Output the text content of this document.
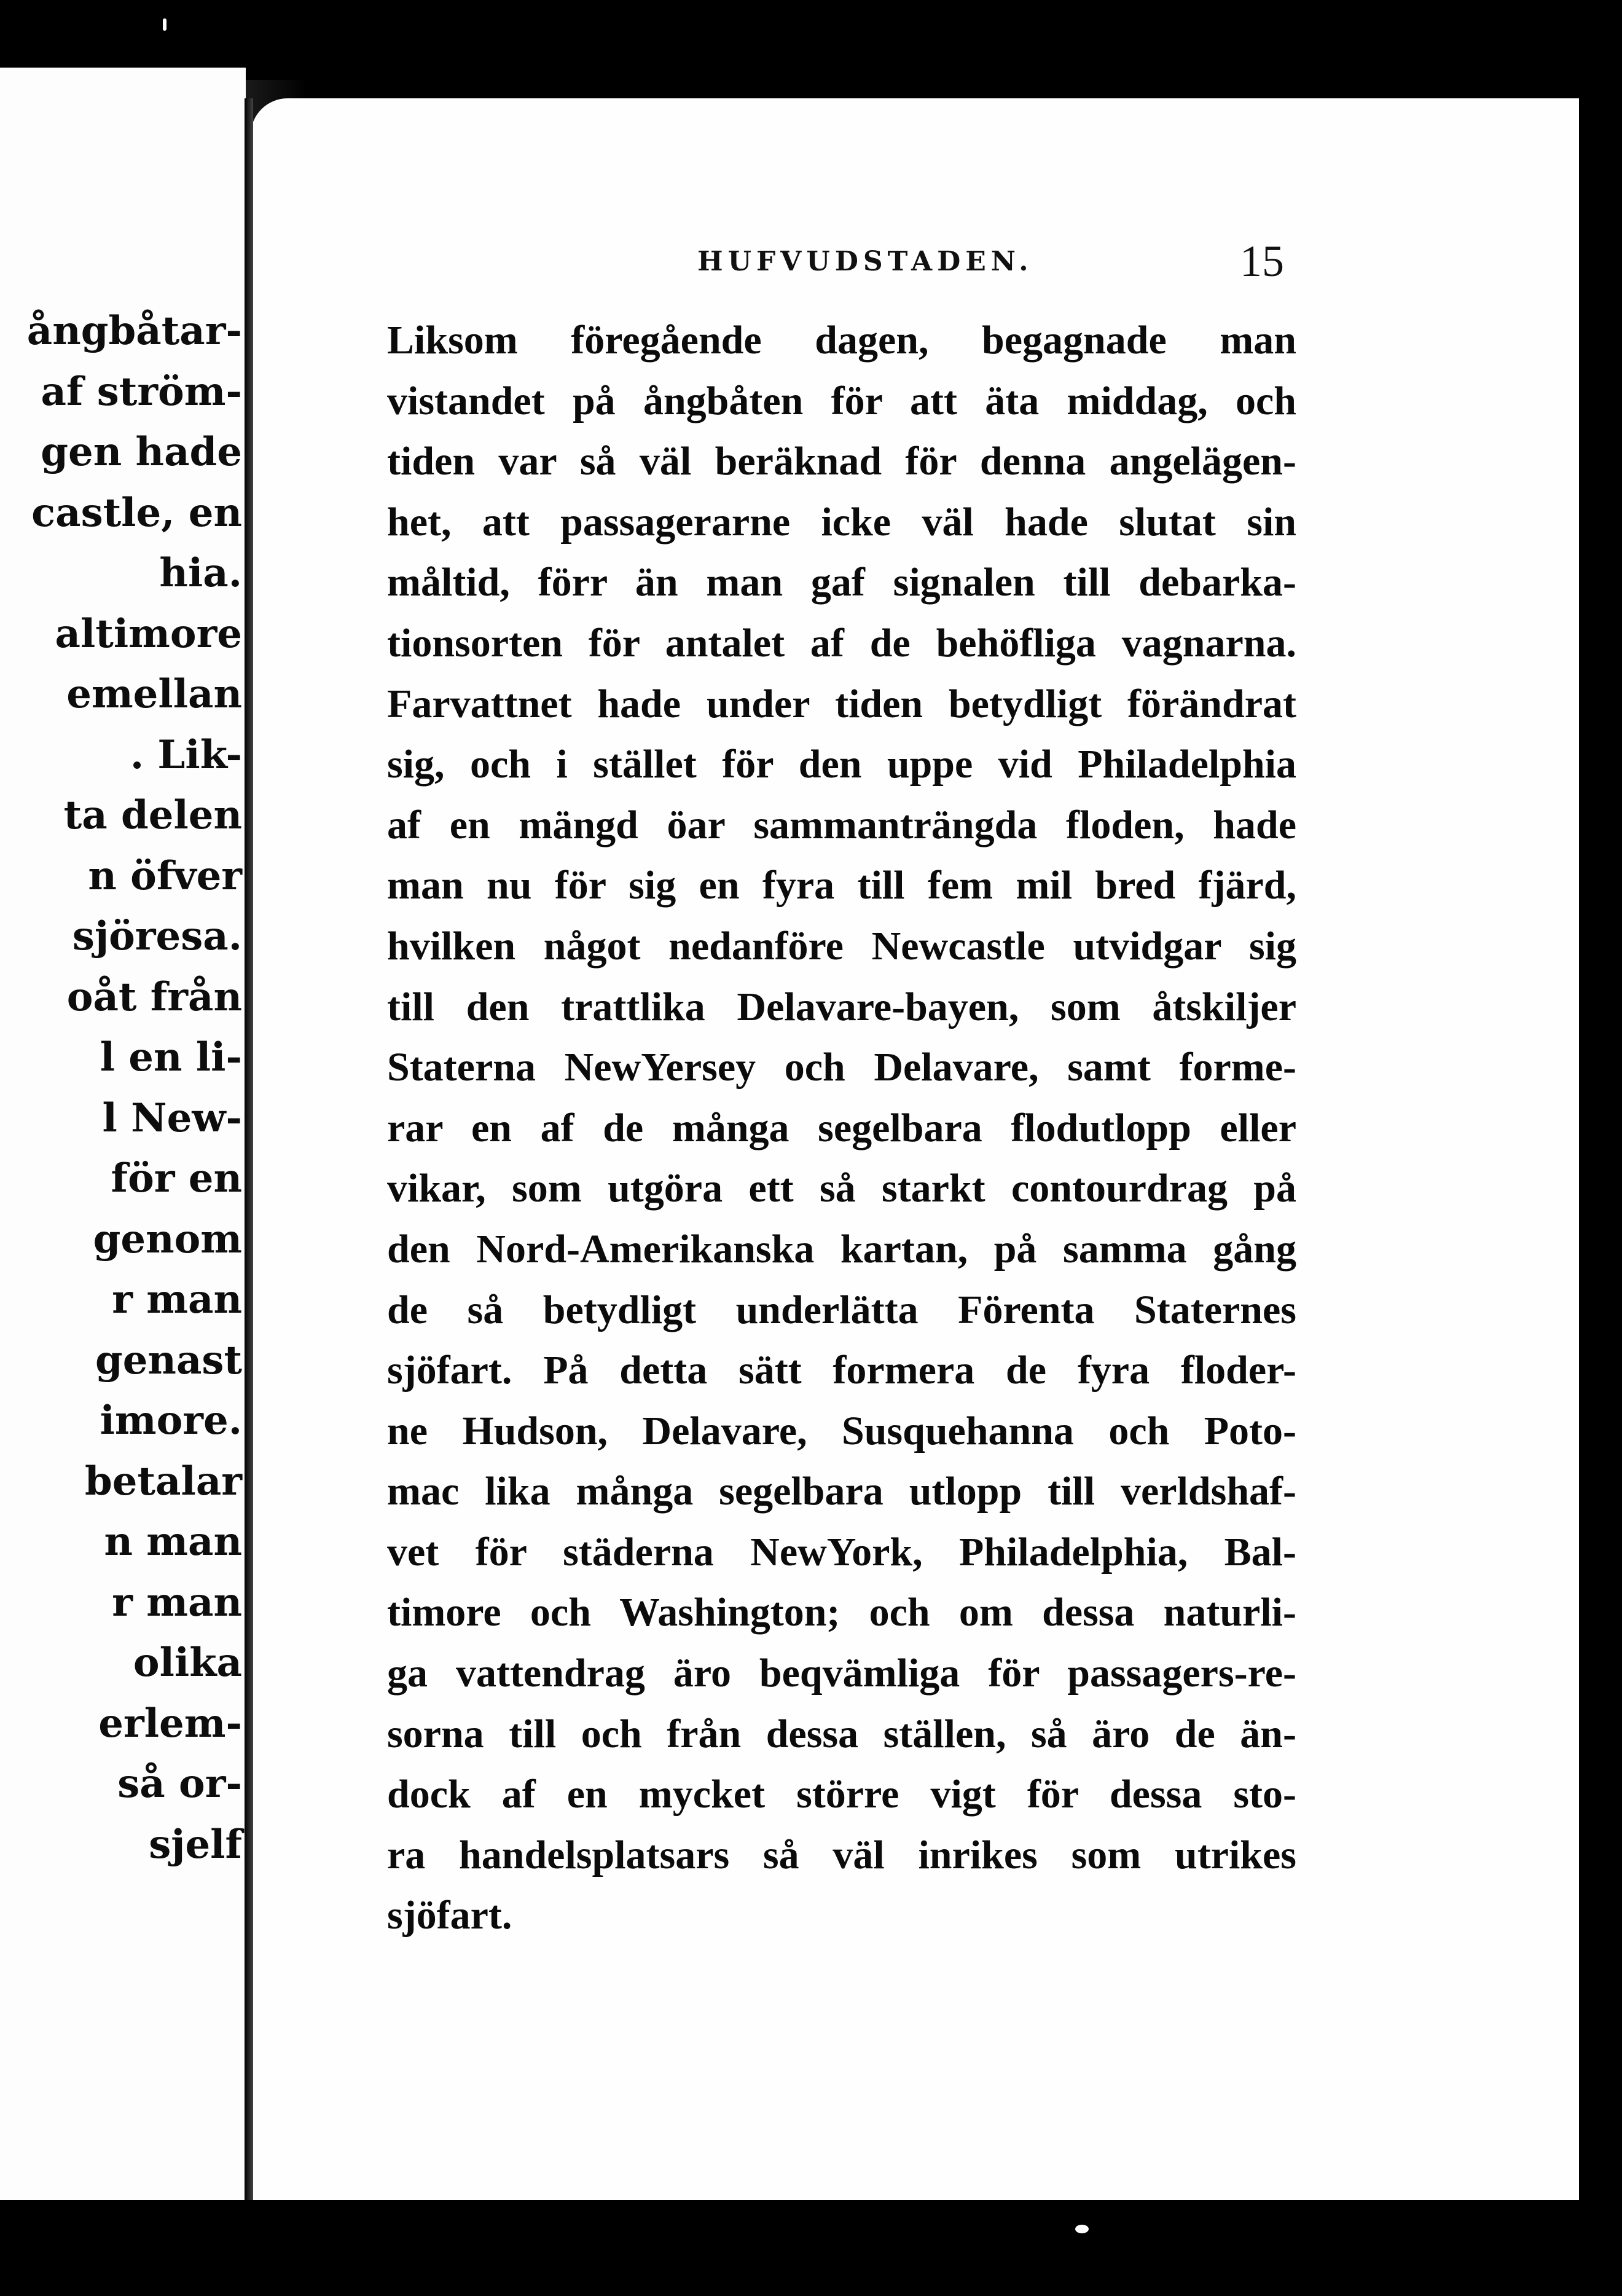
ångbåtar-
af ström-
gen hade
castle, en
hia.
altimore
emellan
. Lik-
ta delen
n öfver
sjöresa.
oåt från
l en li-
l New-
för en
genom
r man
genast
imore.
betalar
n man
r man
olika
erlem-
så or-
sjelf
HUFVUDSTADEN.	15
Liksom föregående dagen, begagnade man
vistandet på ångbåten för att äta middag, och
tiden var så väl beräknad för denna angelägen-
het, att passagerarne icke väl hade slutat sin
måltid, förr än man gaf signalen till debarka-
tionsorten för antalet af de behöfliga vagnarna.
Farvattnet hade under tiden betydligt förändrat
sig, och i stället för den uppe vid Philadelphia
af en mängd öar sammanträngda floden, hade
man nu för sig en fyra till fem mil bred fjärd,
hvilken något nedanföre Newcastle utvidgar sig
till den trattlika Delavare-bayen, som åtskiljer
Staterna NewYersey och Delavare, samt forme-
rar en af de många segelbara flodutlopp eller
vikar, som utgöra ett så starkt contourdrag på
den Nord-Amerikanska kartan, på samma gång
de så betydligt underlätta Förenta Staternes
sjöfart. På detta sätt formera de fyra floder-
ne Hudson, Delavare, Susquehanna och Poto-
mac lika många segelbara utlopp till verldshaf-
vet för städerna NewYork, Philadelphia, Bal-
timore och Washington; och om dessa naturli-
ga vattendrag äro beqvämliga för passagers-re-
sorna till och från dessa ställen, så äro de än-
dock af en mycket större vigt för dessa sto-
ra handelsplatsars så väl inrikes som utrikes
sjöfart.
